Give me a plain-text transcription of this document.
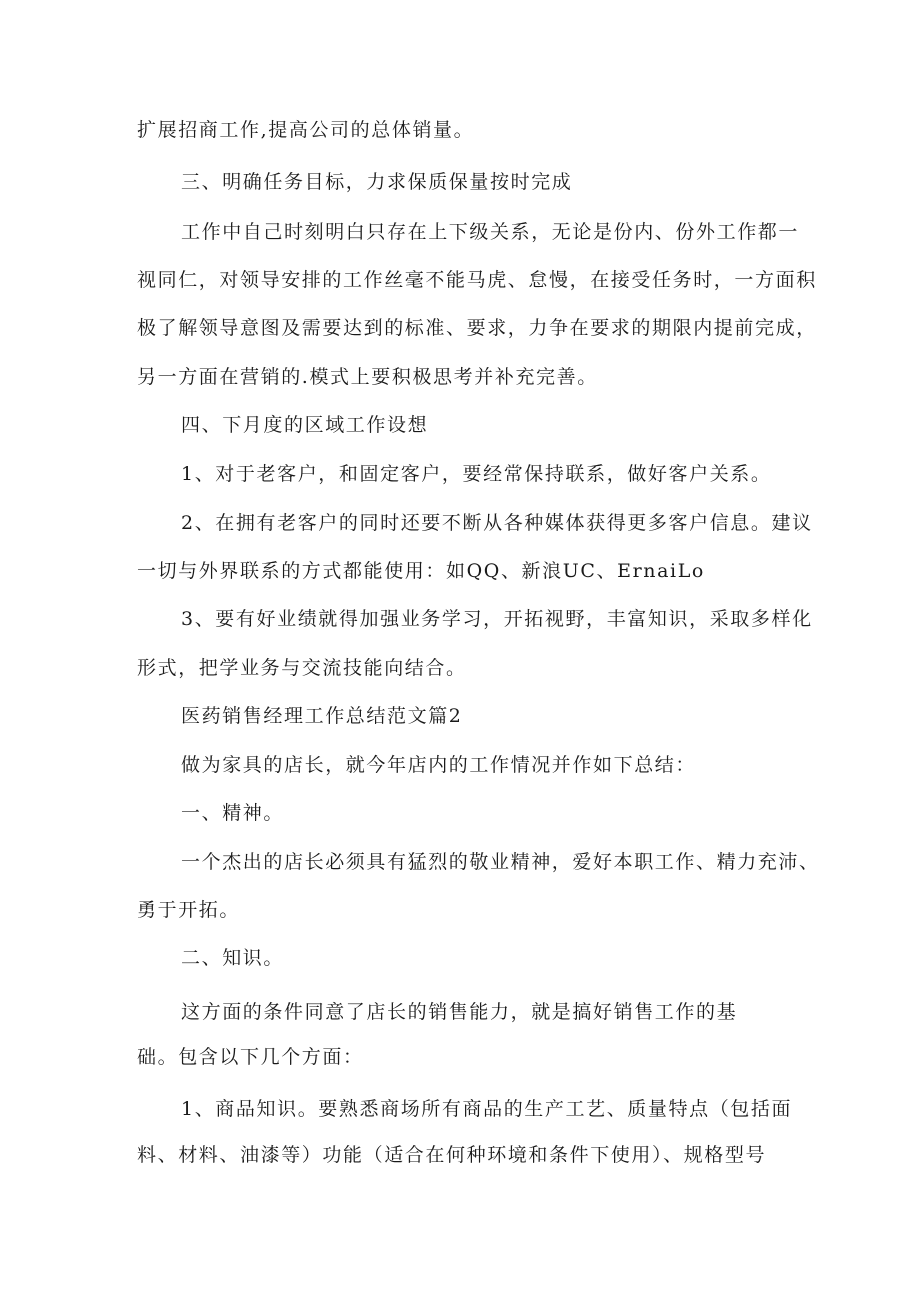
扩展招商工作,提高公司的总体销量。
三、明确任务目标，力求保质保量按时完成
工作中自己时刻明白只存在上下级关系，无论是份内、份外工作都一
视同仁，对领导安排的工作丝毫不能马虎、怠慢，在接受任务时，一方面积
极了解领导意图及需要达到的标准、要求，力争在要求的期限内提前完成，
另一方面在营销的.模式上要积极思考并补充完善。
四、下月度的区域工作设想
1、对于老客户，和固定客户，要经常保持联系，做好客户关系。
2、在拥有老客户的同时还要不断从各种媒体获得更多客户信息。建议
一切与外界联系的方式都能使用：如QQ、新浪UC、ErnaiLo
3、要有好业绩就得加强业务学习，开拓视野，丰富知识，采取多样化
形式，把学业务与交流技能向结合。
医药销售经理工作总结范文篇2
做为家具的店长，就今年店内的工作情况并作如下总结：
一、精神。
一个杰出的店长必须具有猛烈的敬业精神，爱好本职工作、精力充沛、
勇于开拓。
二、知识。
这方面的条件同意了店长的销售能力，就是搞好销售工作的基
础。包含以下几个方面：
1、商品知识。要熟悉商场所有商品的生产工艺、质量特点（包括面
料、材料、油漆等）功能（适合在何种环境和条件下使用）、规格型号
